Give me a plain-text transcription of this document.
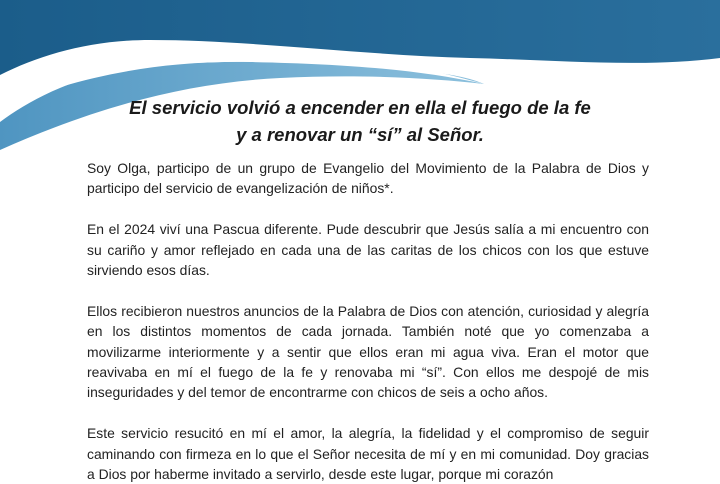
El servicio volvió a encender en ella el fuego de la fe
y a renovar un “sí” al Señor.

Soy Olga, participo de un grupo de Evangelio del Movimiento de la Palabra de Dios y participo del servicio de evangelización de niños*.

En el 2024 viví una Pascua diferente. Pude descubrir que Jesús salía a mi encuentro con su cariño y amor reflejado en cada una de las caritas de los chicos con los que estuve sirviendo esos días.

Ellos recibieron nuestros anuncios de la Palabra de Dios con atención, curiosidad y alegría en los distintos momentos de cada jornada. También noté que yo comenzaba a movilizarme interiormente y a sentir que ellos eran mi agua viva. Eran el motor que reavivaba en mí el fuego de la fe y renovaba mi “sí”. Con ellos me despojé de mis inseguridades y del temor de encontrarme con chicos de seis a ocho años.

Este servicio resucitó en mí el amor, la alegría, la fidelidad y el compromiso de seguir caminando con firmeza en lo que el Señor necesita de mí y en mi comunidad. Doy gracias a Dios por haberme invitado a servirlo, desde este lugar, porque mi corazón
